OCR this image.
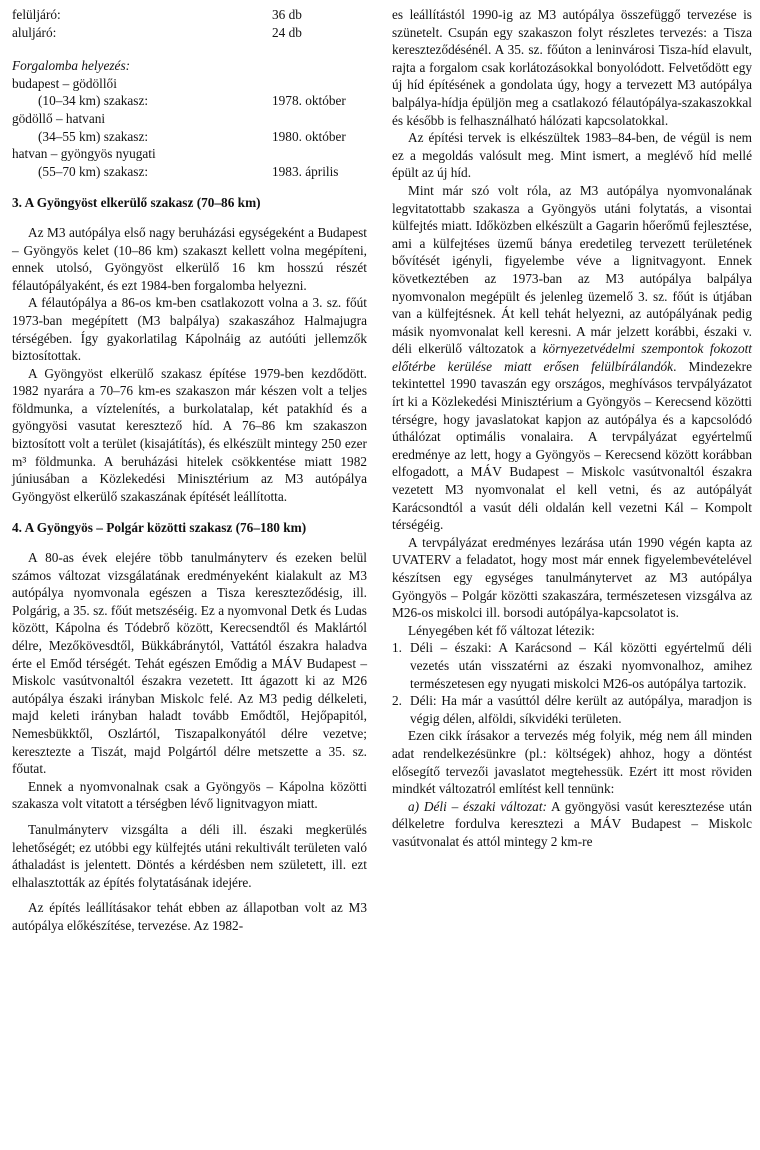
felüljáró:	36 db
aluljáró:	24 db
Forgalomba helyezés:
budapest – gödöllői
(10–34 km) szakasz:	1978. október
gödöllő – hatvani
(34–55 km) szakasz:	1980. október
hatvan – gyöngyös nyugati
(55–70 km) szakasz:	1983. április
3. A Gyöngyöst elkerülő szakasz (70–86 km)

Az M3 autópálya első nagy beruházási egységeként a Budapest – Gyöngyös kelet (10–86 km) szakaszt kellett volna megépíteni, ennek utolsó, Gyöngyöst elkerülő 16 km hosszú részét félautópályaként, és ezt 1984-ben forgalomba helyezni.

A félautópálya a 86-os km-ben csatlakozott volna a 3. sz. főút 1973-ban megépített (M3 balpálya) szakaszához Halmajugra térségében. Így gyakorlatilag Kápolnáig az autóúti jellemzők biztosítottak.

A Gyöngyöst elkerülő szakasz építése 1979-ben kezdődött. 1982 nyarára a 70–76 km-es szakaszon már készen volt a teljes földmunka, a víztelenítés, a burkolatalap, két patakhíd és a gyöngyösi vasutat keresztező híd. A 76–86 km szakaszon biztosított volt a terület (kisajátítás), és elkészült mintegy 250 ezer m³ földmunka. A beruházási hitelek csökkentése miatt 1982 júniusában a Közlekedési Minisztérium az M3 autópálya Gyöngyöst elkerülő szakaszának építését leállította.

4. A Gyöngyös – Polgár közötti szakasz (76–180 km)

A 80-as évek elejére több tanulmányterv és ezeken belül számos változat vizsgálatának eredményeként kialakult az M3 autópálya nyomvonala egészen a Tisza kereszteződésig, ill. Polgárig, a 35. sz. főút metszéséig. Ez a nyomvonal Detk és Ludas között, Kápolna és Tódebrő között, Kerecsendtől és Maklártól délre, Mezőkövesdtől, Bükkábránytól, Vattától északra haladva érte el Emőd térségét. Tehát egészen Emődig a MÁV Budapest – Miskolc vasútvonaltól északra vezetett. Itt ágazott ki az M26 autópálya északi irányban Miskolc felé. Az M3 pedig délkeleti, majd keleti irányban haladt tovább Emődtől, Hejőpapitól, Nemesbükktől, Oszlártól, Tiszapalkonyától délre vezetve; keresztezte a Tiszát, majd Polgártól délre metszette a 35. sz. főutat.

Ennek a nyomvonalnak csak a Gyöngyös – Kápolna közötti szakasza volt vitatott a térségben lévő lignitvagyon miatt.

Tanulmányterv vizsgálta a déli ill. északi megkerülés lehetőségét; ez utóbbi egy külfejtés utáni rekultivált területen való áthaladást is jelentett. Döntés a kérdésben nem született, ill. ezt elhalasztották az építés folytatásának idejére.

Az építés leállításakor tehát ebben az állapotban volt az M3 autópálya előkészítése, tervezése. Az 1982-

es leállítástól 1990-ig az M3 autópálya összefüggő tervezése is szünetelt. Csupán egy szakaszon folyt részletes tervezés: a Tisza kereszteződésénél. A 35. sz. főúton a leninvárosi Tisza-híd elavult, rajta a forgalom csak korlátozásokkal bonyolódott. Felvetődött egy új híd építésének a gondolata úgy, hogy a tervezett M3 autópálya balpálya-hídja épüljön meg a csatlakozó félautópálya-szakaszokkal és később is felhasználható hálózati kapcsolatokkal.

Az építési tervek is elkészültek 1983–84-ben, de végül is nem ez a megoldás valósult meg. Mint ismert, a meglévő híd mellé épült az új híd.

Mint már szó volt róla, az M3 autópálya nyomvonalának legvitatottabb szakasza a Gyöngyös utáni folytatás, a visontai külfejtés miatt. Időközben elkészült a Gagarin hőerőmű fejlesztése, ami a külfejtéses üzemű bánya eredetileg tervezett területének bővítését igényli, figyelembe véve a lignitvagyont. Ennek következtében az 1973-ban az M3 autópálya balpálya nyomvonalon megépült és jelenleg üzemelő 3. sz. főút is útjában van a külfejtésnek. Át kell tehát helyezni, az autópályának pedig másik nyomvonalat kell keresni. A már jelzett korábbi, északi v. déli elkerülő változatok a környezetvédelmi szempontok fokozott előtérbe kerülése miatt erősen felülbírálandók. Mindezekre tekintettel 1990 tavaszán egy országos, meghívásos tervpályázatot írt ki a Közlekedési Minisztérium a Gyöngyös – Kerecsend közötti térségre, hogy javaslatokat kapjon az autópálya és a kapcsolódó úthálózat optimális vonalaira. A tervpályázat egyértelmű eredménye az lett, hogy a Gyöngyös – Kerecsend között korábban elfogadott, a MÁV Budapest – Miskolc vasútvonaltól északra vezetett M3 nyomvonalat el kell vetni, és az autópályát Karácsondtól a vasút déli oldalán kell vezetni Kál – Kompolt térségéig.

A tervpályázat eredményes lezárása után 1990 végén kapta az UVATERV a feladatot, hogy most már ennek figyelembevételével készítsen egy egységes tanulmánytervet az M3 autópálya Gyöngyös – Polgár közötti szakaszára, természetesen vizsgálva az M26-os miskolci ill. borsodi autópálya-kapcsolatot is.

Lényegében két fő változat létezik:

1. Déli – északi: A Karácsond – Kál közötti egyértelmű déli vezetés után visszatérni az északi nyomvonalhoz, amihez természetesen egy nyugati miskolci M26-os autópálya tartozik.
2. Déli: Ha már a vasúttól délre került az autópálya, maradjon is végig délen, alföldi, síkvidéki területen.

Ezen cikk írásakor a tervezés még folyik, még nem áll minden adat rendelkezésünkre (pl.: költségek) ahhoz, hogy a döntést elősegítő tervezői javaslatot megtehessük. Ezért itt most röviden mindkét változatról említést kell tennünk:

a) Déli – északi változat: A gyöngyösi vasút keresztezése után délkeletre fordulva keresztezi a MÁV Budapest – Miskolc vasútvonalat és attól mintegy 2 km-re
